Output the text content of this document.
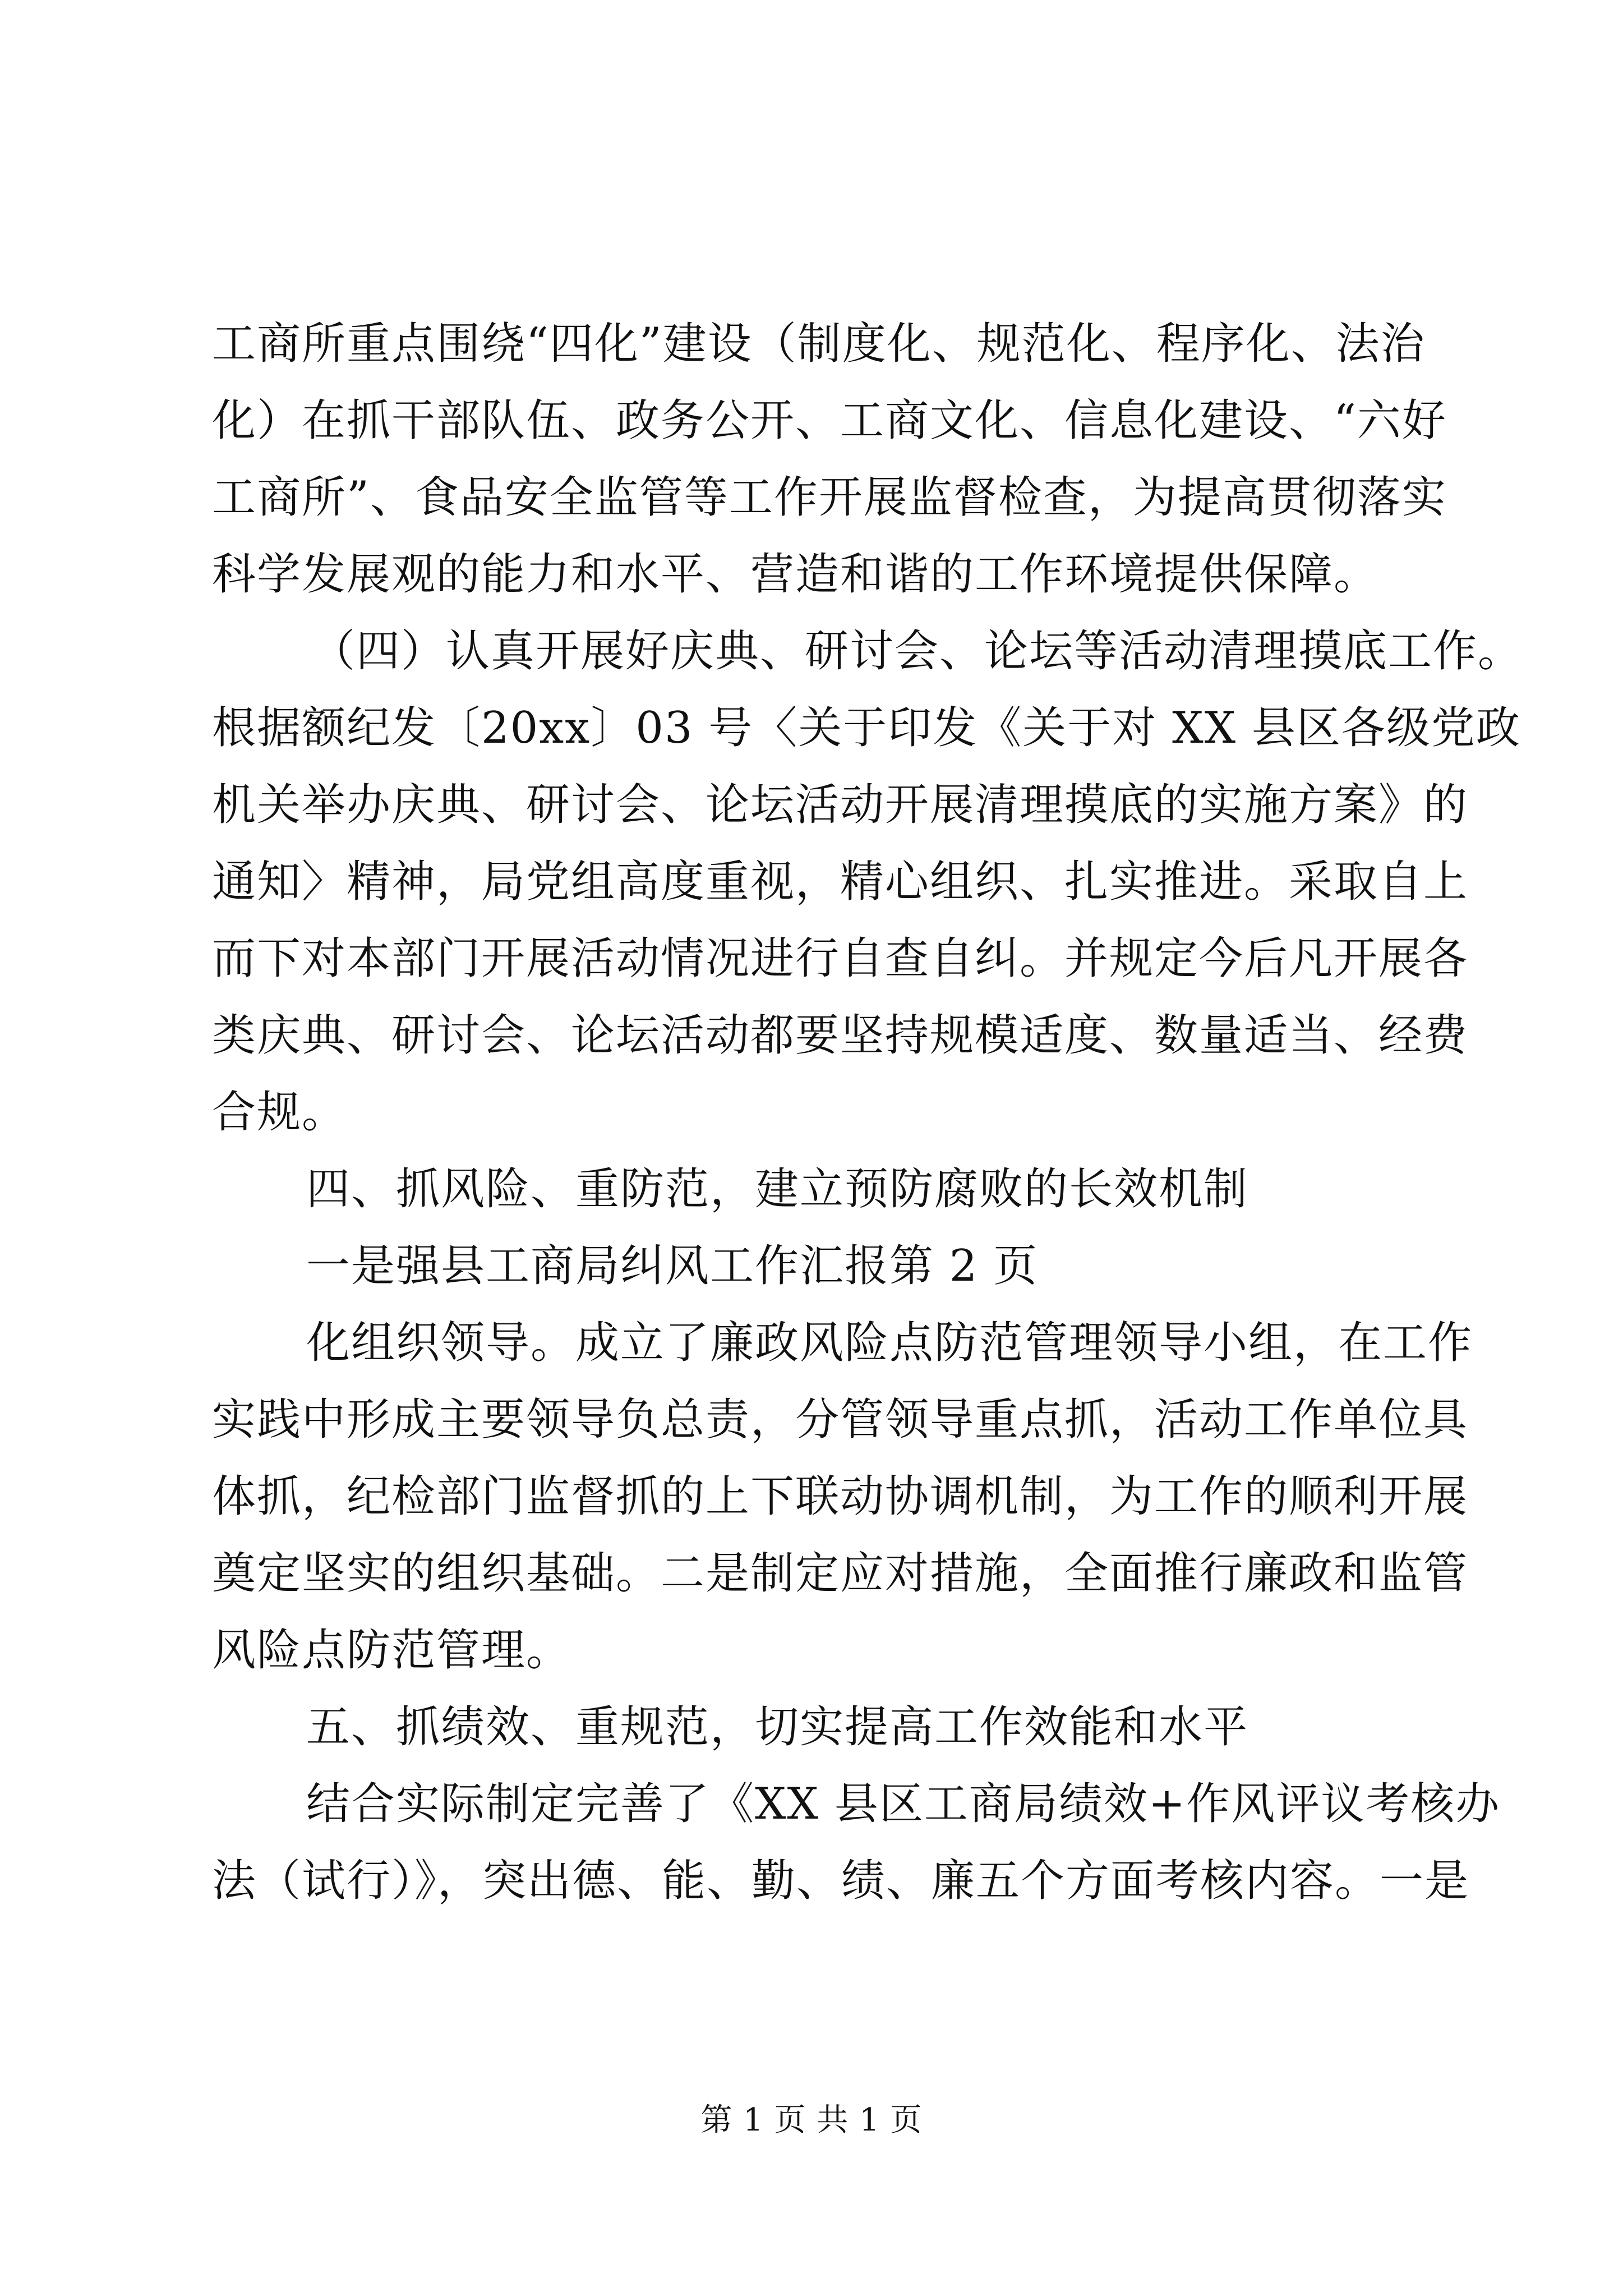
工商所重点围绕“四化”建设（制度化、规范化、程序化、法治
化）在抓干部队伍、政务公开、工商文化、信息化建设、“六好
工商所”、食品安全监管等工作开展监督检查，为提高贯彻落实
科学发展观的能力和水平、营造和谐的工作环境提供保障。
（四）认真开展好庆典、研讨会、论坛等活动清理摸底工作。
根据额纪发〔20xx〕03 号〈关于印发《关于对 XX 县区各级党政
机关举办庆典、研讨会、论坛活动开展清理摸底的实施方案》的
通知〉精神，局党组高度重视，精心组织、扎实推进。采取自上
而下对本部门开展活动情况进行自查自纠。并规定今后凡开展各
类庆典、研讨会、论坛活动都要坚持规模适度、数量适当、经费
合规。
四、抓风险、重防范，建立预防腐败的长效机制
一是强县工商局纠风工作汇报第 2 页
化组织领导。成立了廉政风险点防范管理领导小组，在工作
实践中形成主要领导负总责，分管领导重点抓，活动工作单位具
体抓，纪检部门监督抓的上下联动协调机制，为工作的顺利开展
奠定坚实的组织基础。二是制定应对措施，全面推行廉政和监管
风险点防范管理。
五、抓绩效、重规范，切实提高工作效能和水平
结合实际制定完善了《XX 县区工商局绩效+作风评议考核办
法（试行）》，突出德、能、勤、绩、廉五个方面考核内容。一是
第 1 页 共 1 页
